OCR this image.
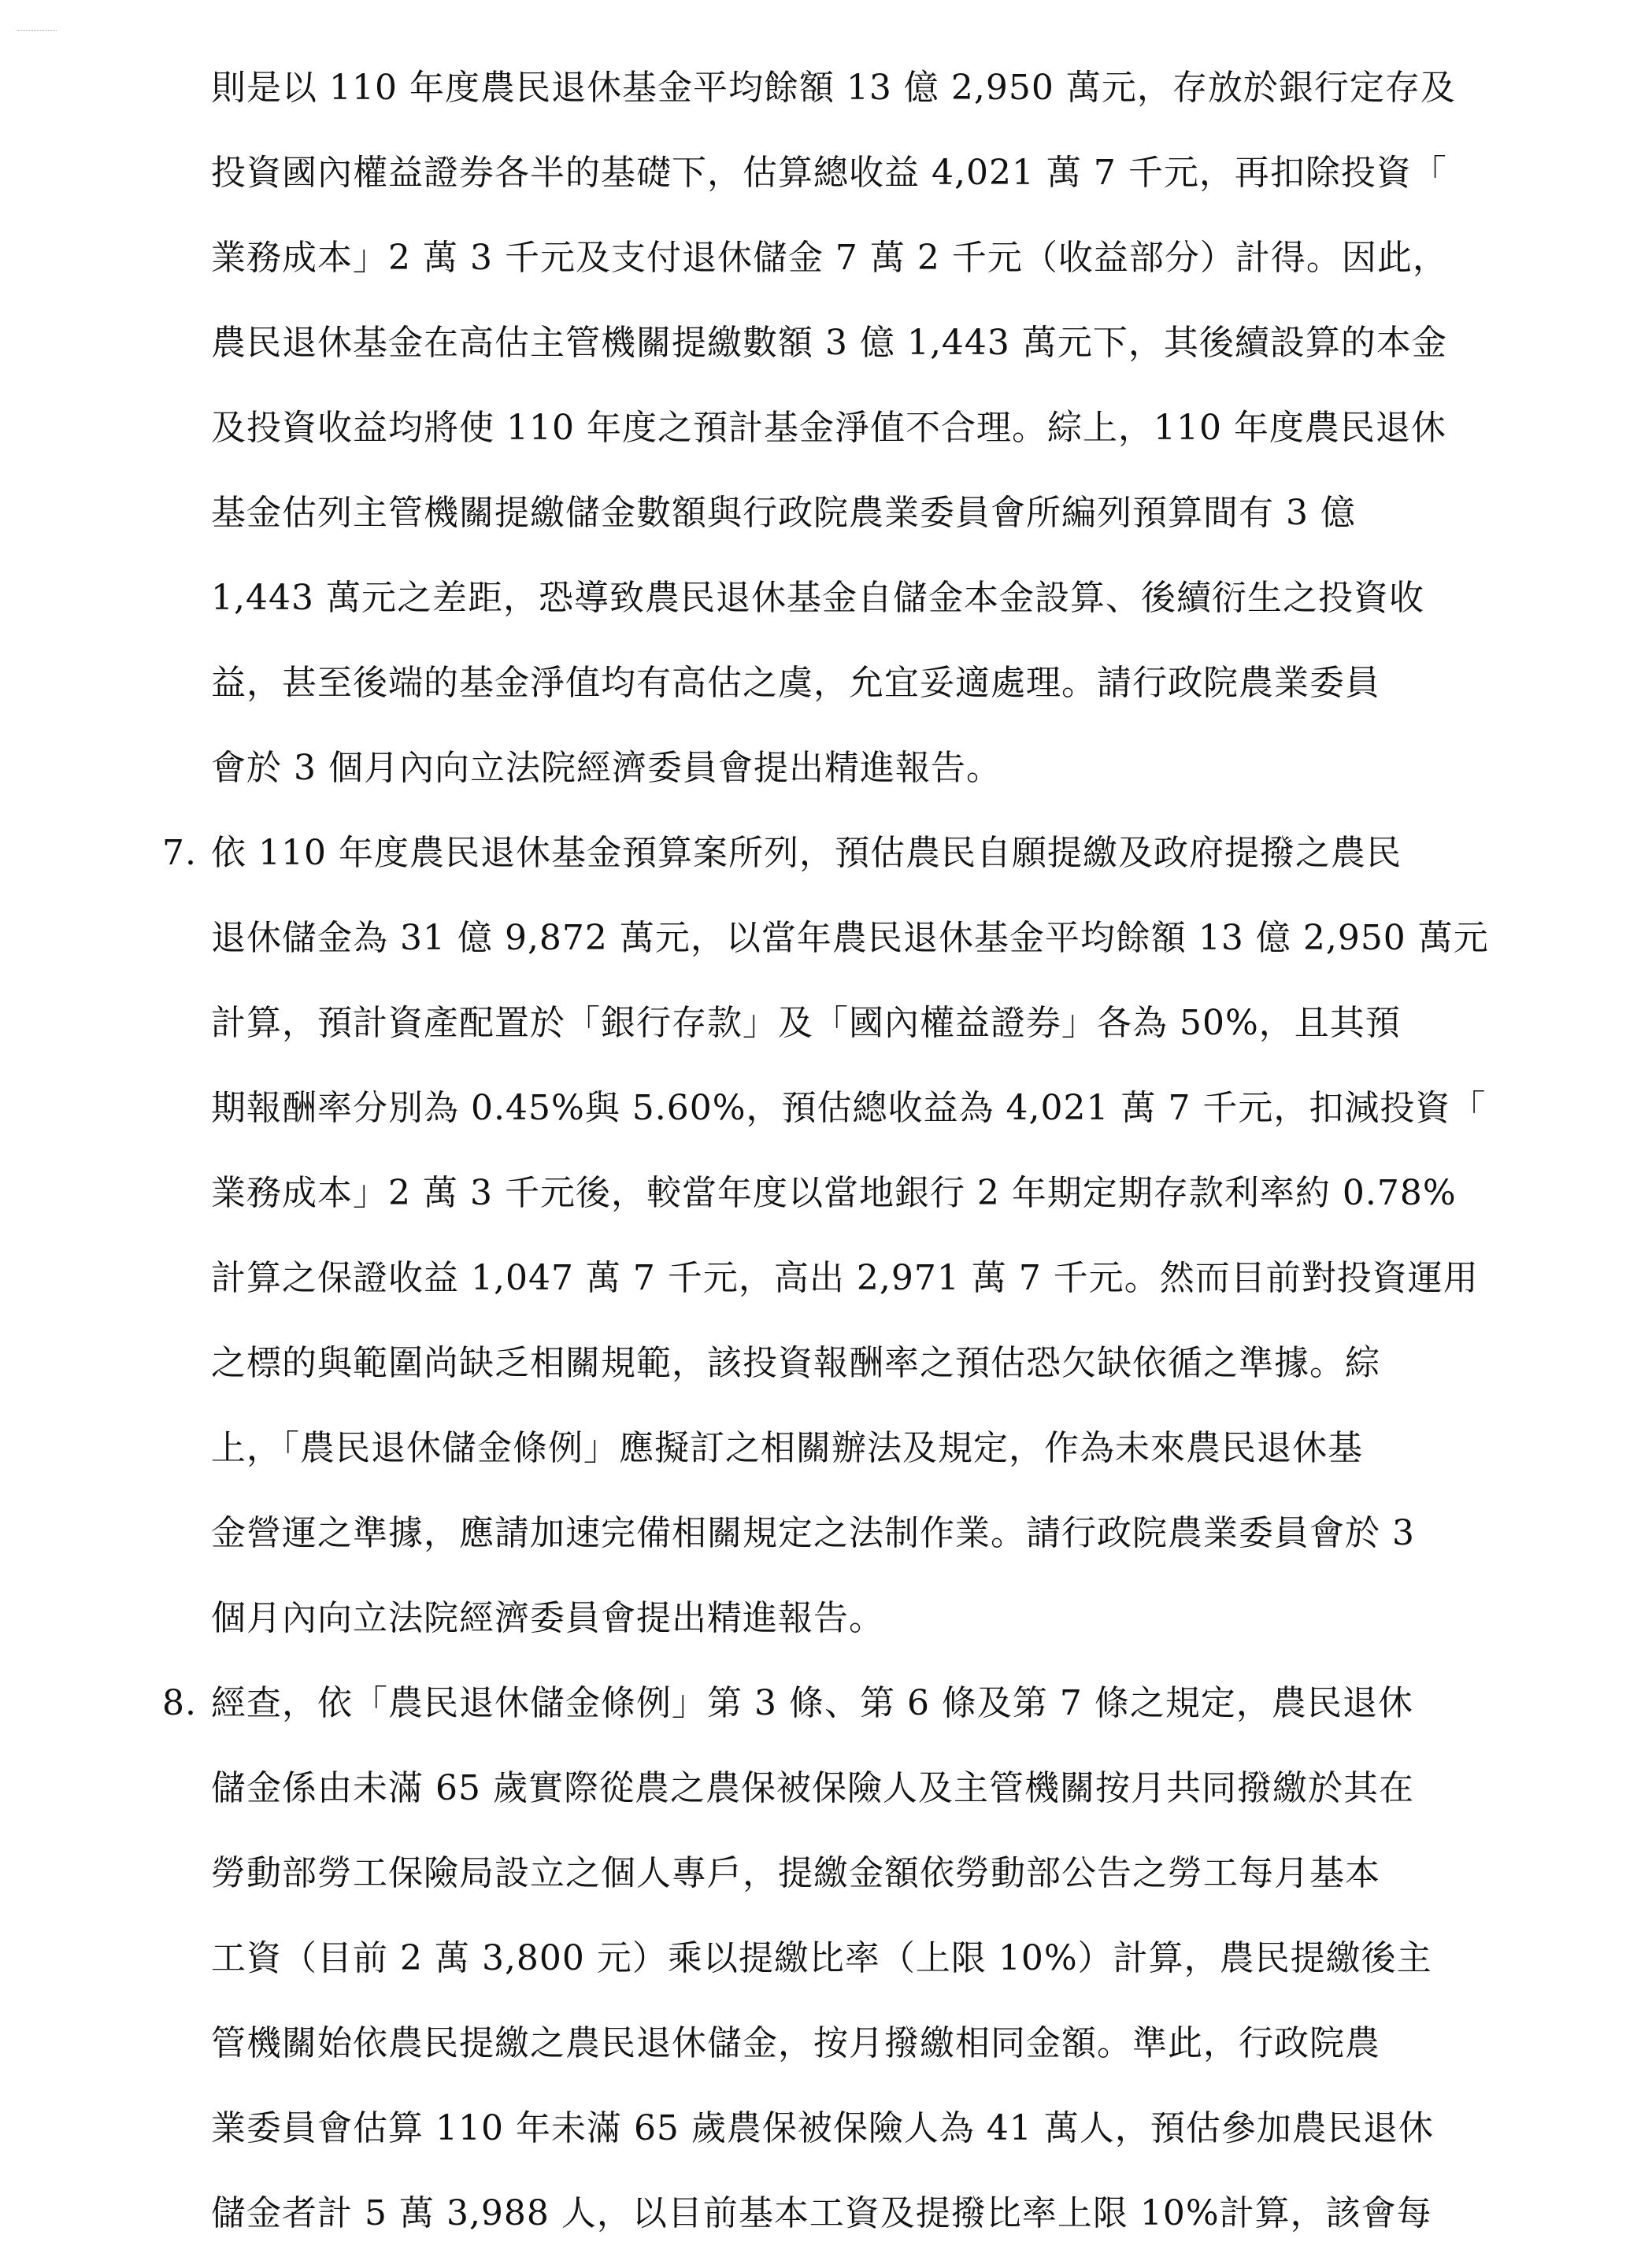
則是以 110 年度農民退休基金平均餘額 13 億 2,950 萬元，存放於銀行定存及
投資國內權益證券各半的基礎下，估算總收益 4,021 萬 7 千元，再扣除投資「
業務成本」2 萬 3 千元及支付退休儲金 7 萬 2 千元（收益部分）計得。因此，
農民退休基金在高估主管機關提繳數額 3 億 1,443 萬元下，其後續設算的本金
及投資收益均將使 110 年度之預計基金淨值不合理。綜上，110 年度農民退休
基金估列主管機關提繳儲金數額與行政院農業委員會所編列預算間有 3 億
1,443 萬元之差距，恐導致農民退休基金自儲金本金設算、後續衍生之投資收
益，甚至後端的基金淨值均有高估之虞，允宜妥適處理。請行政院農業委員
會於 3 個月內向立法院經濟委員會提出精進報告。
7. 依 110 年度農民退休基金預算案所列，預估農民自願提繳及政府提撥之農民
退休儲金為 31 億 9,872 萬元，以當年農民退休基金平均餘額 13 億 2,950 萬元
計算，預計資產配置於「銀行存款」及「國內權益證券」各為 50%，且其預
期報酬率分別為 0.45%與 5.60%，預估總收益為 4,021 萬 7 千元，扣減投資「
業務成本」2 萬 3 千元後，較當年度以當地銀行 2 年期定期存款利率約 0.78%
計算之保證收益 1,047 萬 7 千元，高出 2,971 萬 7 千元。然而目前對投資運用
之標的與範圍尚缺乏相關規範，該投資報酬率之預估恐欠缺依循之準據。綜
上，「農民退休儲金條例」應擬訂之相關辦法及規定，作為未來農民退休基
金營運之準據，應請加速完備相關規定之法制作業。請行政院農業委員會於 3
個月內向立法院經濟委員會提出精進報告。
8. 經查，依「農民退休儲金條例」第 3 條、第 6 條及第 7 條之規定，農民退休
儲金係由未滿 65 歲實際從農之農保被保險人及主管機關按月共同撥繳於其在
勞動部勞工保險局設立之個人專戶，提繳金額依勞動部公告之勞工每月基本
工資（目前 2 萬 3,800 元）乘以提繳比率（上限 10%）計算，農民提繳後主
管機關始依農民提繳之農民退休儲金，按月撥繳相同金額。準此，行政院農
業委員會估算 110 年未滿 65 歲農保被保險人為 41 萬人，預估參加農民退休
儲金者計 5 萬 3,988 人，以目前基本工資及提撥比率上限 10%計算，該會每
